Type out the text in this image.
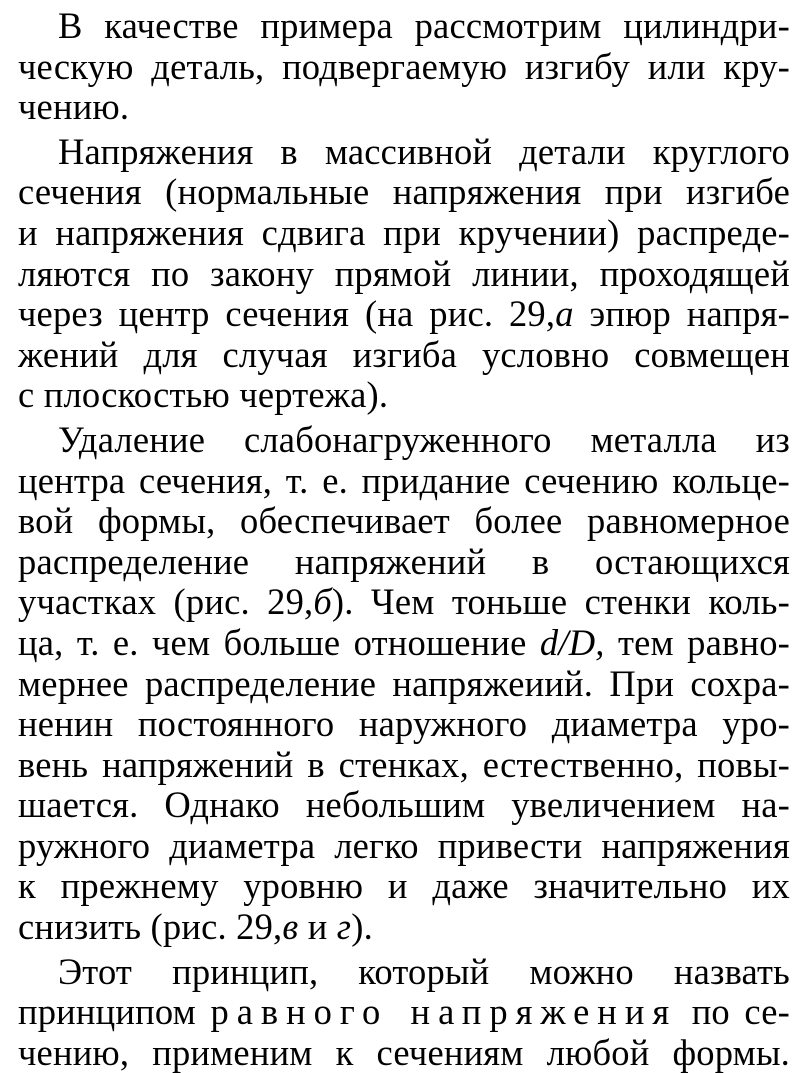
В качестве примера рассмотрим цилиндри-
ческую деталь, подвергаемую изгибу или кру-
чению.
Напряжения в массивной детали круглого
сечения (нормальные напряжения при изгибе
и напряжения сдвига при кручении) распреде-
ляются по закону прямой линии, проходящей
через центр сечения (на рис. 29,а эпюр напря-
жений для случая изгиба условно совмещен
с плоскостью чертежа).
Удаление слабонагруженного металла из
центра сечения, т. е. придание сечению кольце-
вой формы, обеспечивает более равномерное
распределение напряжений в остающихся
участках (рис. 29,б). Чем тоньше стенки коль-
ца, т. е. чем больше отношение d/D, тем равно-
мернее распределение напряжеиий. При сохра-
ненин постоянного наружного диаметра уро-
вень напряжений в стенках, естественно, повы-
шается. Однако небольшим увеличением на-
ружного диаметра легко привести напряжения
к прежнему уровню и даже значительно их
снизить (рис. 29,в и г).
Этот принцип, который можно назвать
принципом равного напряжения по се-
чению, применим к сечениям любой формы.
